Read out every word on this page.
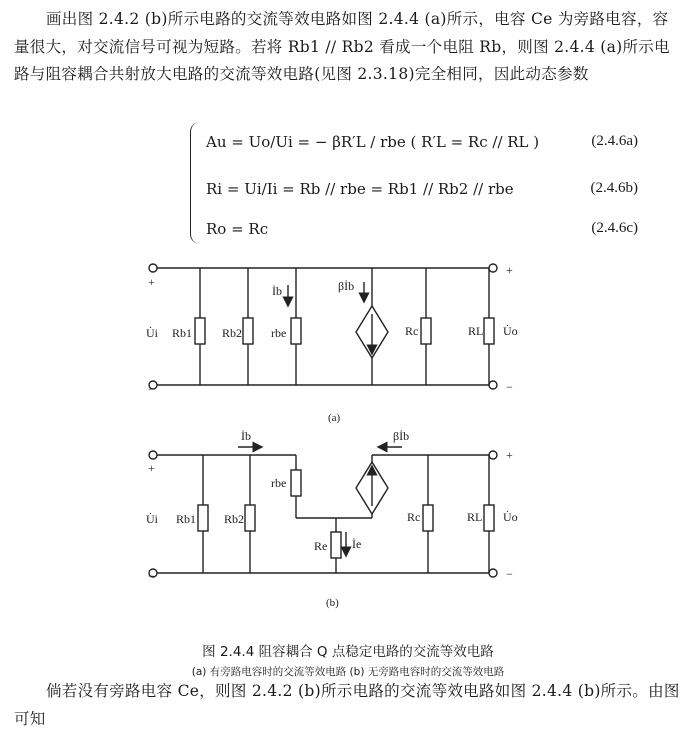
画出图 2.4.2 (b)所示电路的交流等效电路如图 2.4.4 (a)所示，电容 Ce 为旁路电容，容量很大，对交流信号可视为短路。若将 Rb1 // Rb2 看成一个电阻 Rb，则图 2.4.4 (a)所示电路与阻容耦合共射放大电路的交流等效电路(见图 2.3.18)完全相同，因此动态参数
Au = Uo/Ui = − βR′L / rbe ( R′L = Rc // RL )	(2.4.6a)
Ri = Ui/Ii = Rb // rbe = Rb1 // Rb2 // rbe	(2.4.6b)
Ro = Rc	(2.4.6c)
+
−
U̇i Rb1 Rb2 rbe
İb	βİb
Rc	RL U̇o
+
−
(a)
+
−
U̇i Rb1 Rb2
rbe
İb	βİb
Re İe
Rc	RL U̇o
+
−
(b)
图 2.4.4 阻容耦合 Q 点稳定电路的交流等效电路
(a) 有旁路电容时的交流等效电路 (b) 无旁路电容时的交流等效电路
倘若没有旁路电容 Ce，则图 2.4.2 (b)所示电路的交流等效电路如图 2.4.4 (b)所示。由图可知
